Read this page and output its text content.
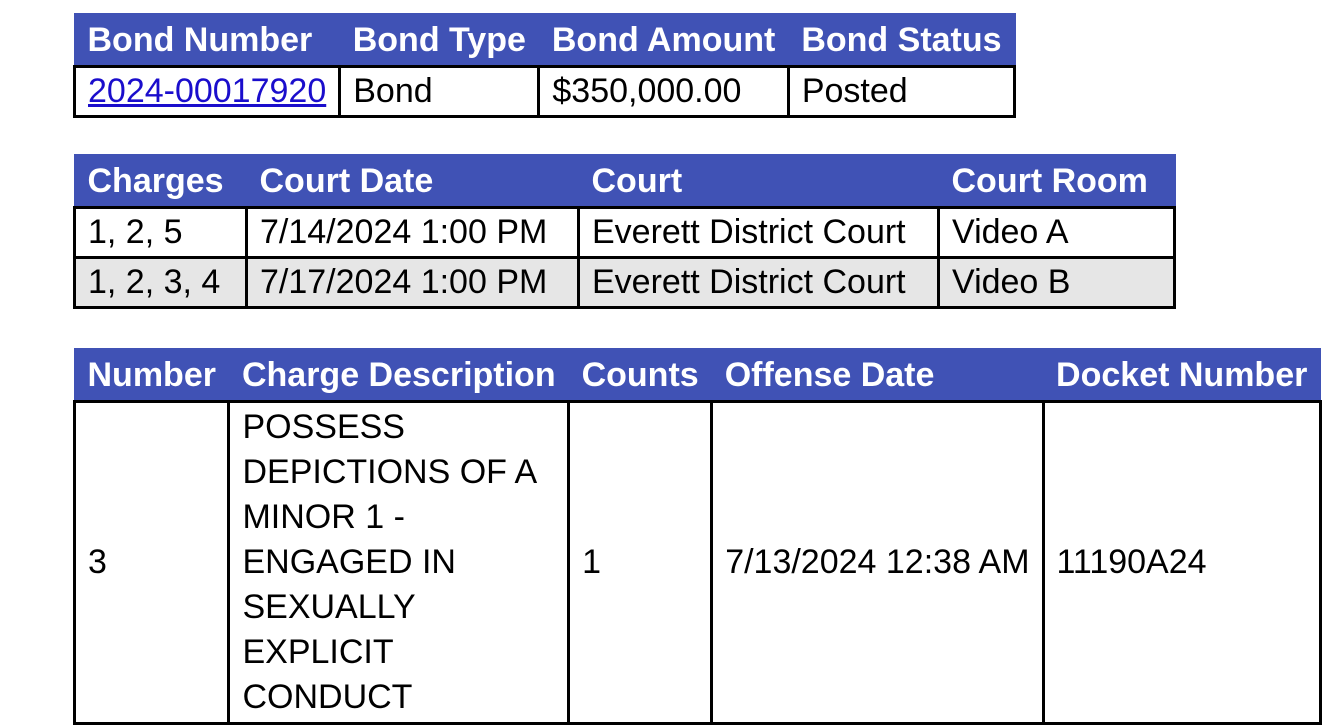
Bond Number	Bond Type	Bond Amount	Bond Status
2024-00017920	Bond	$350,000.00	Posted
Charges	Court Date	Court	Court Room
1, 2, 5	7/14/2024 1:00 PM	Everett District Court	Video A
1, 2, 3, 4	7/17/2024 1:00 PM	Everett District Court	Video B
Number	Charge Description	Counts	Offense Date	Docket Number
3	POSSESS DEPICTIONS OF A MINOR 1 - ENGAGED IN SEXUALLY EXPLICIT CONDUCT	1	7/13/2024 12:38 AM	11190A24
